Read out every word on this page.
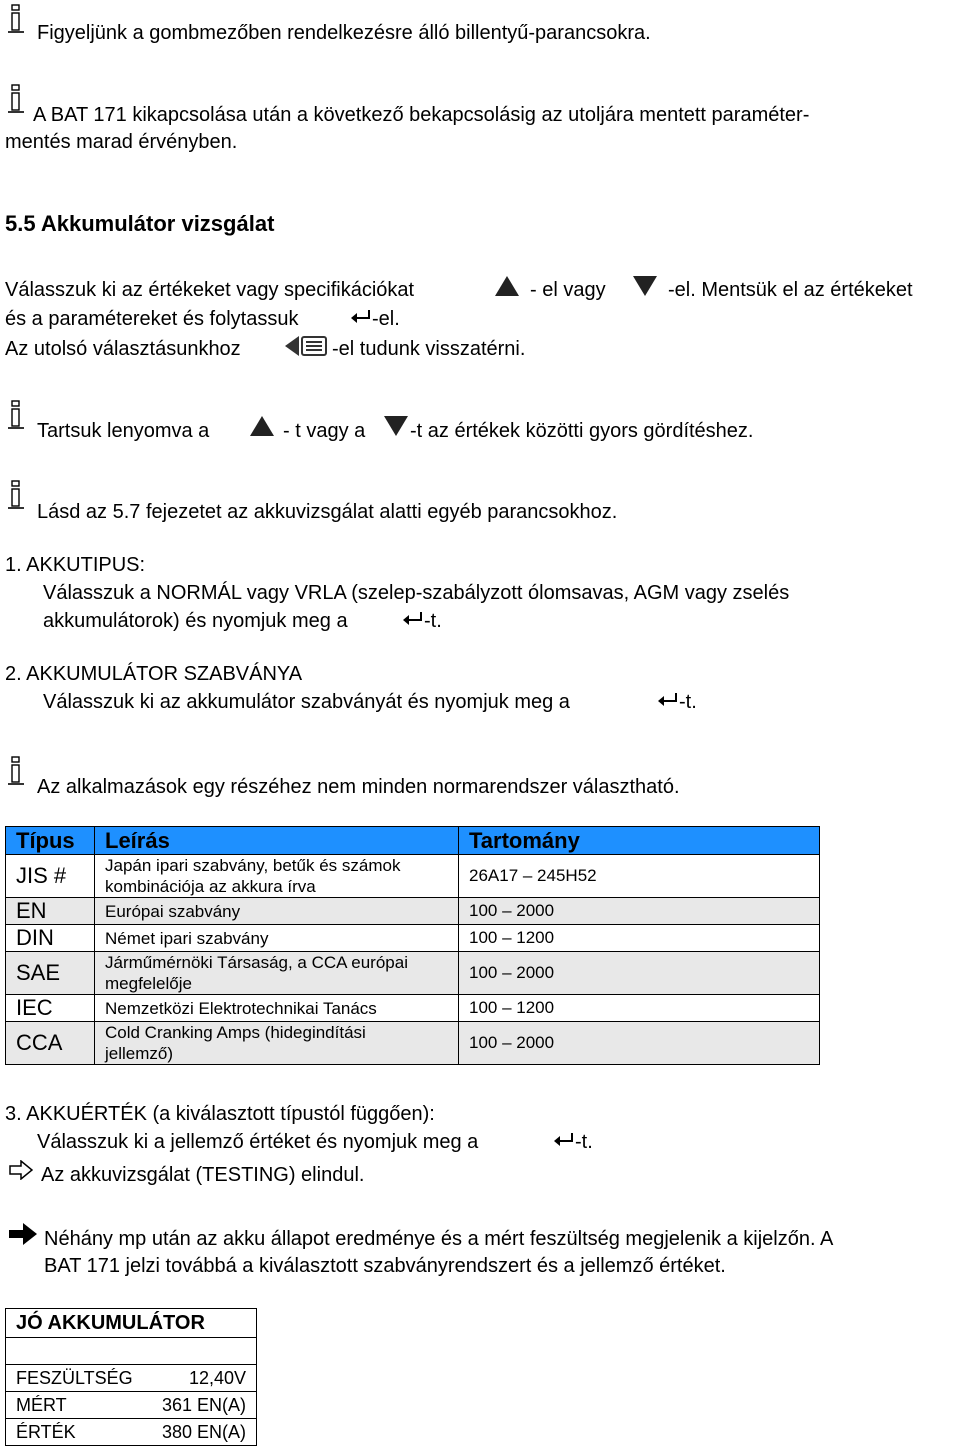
Figyeljünk a gombmezőben rendelkezésre álló billentyű-parancsokra.
A BAT 171 kikapcsolása után a következő bekapcsolásig az utoljára mentett paraméter-
mentés marad érvényben.
5.5 Akkumulátor vizsgálat
Válasszuk ki az értékeket vagy specifikációkat	- el vagy	-el. Mentsük el az értékeket
és a paramétereket és folytassuk	-el.
Az utolsó választásunkhoz	-el tudunk visszatérni.
Tartsuk lenyomva a	- t vagy a -t az értékek közötti gyors gördítéshez.
Lásd az 5.7 fejezetet az akkuvizsgálat alatti egyéb parancsokhoz.
1. AKKUTIPUS:
Válasszuk a NORMÁL vagy VRLA (szelep-szabályzott ólomsavas, AGM vagy zselés
akkumulátorok) és nyomjuk meg a	-t.
2. AKKUMULÁTOR SZABVÁNYA
Válasszuk ki az akkumulátor szabványát és nyomjuk meg a	-t.
Az alkalmazások egy részéhez nem minden normarendszer választható.
Típus	Leírás	Tartomány
JIS #	Japán ipari szabvány, betűk és számok
kombinációja az akkura írva	26A17 – 245H52
EN	Európai szabvány	100 – 2000
DIN	Német ipari szabvány	100 – 1200
SAE	Járműmérnöki Társaság, a CCA európai
megfelelője	100 – 2000
IEC	Nemzetközi Elektrotechnikai Tanács	100 – 1200
CCA	Cold Cranking Amps (hidegindítási
jellemző)	100 – 2000
3. AKKUÉRTÉK (a kiválasztott típustól függően):
Válasszuk ki a jellemző értéket és nyomjuk meg a	-t.
Az akkuvizsgálat (TESTING) elindul.
Néhány mp után az akku állapot eredménye és a mért feszültség megjelenik a kijelzőn. A
BAT 171 jelzi továbbá a kiválasztott szabványrendszert és a jellemző értéket.
JÓ AKKUMULÁTOR	

FESZÜLTSÉG	12,40V
MÉRT	361 EN(A)
ÉRTÉK	380 EN(A)
